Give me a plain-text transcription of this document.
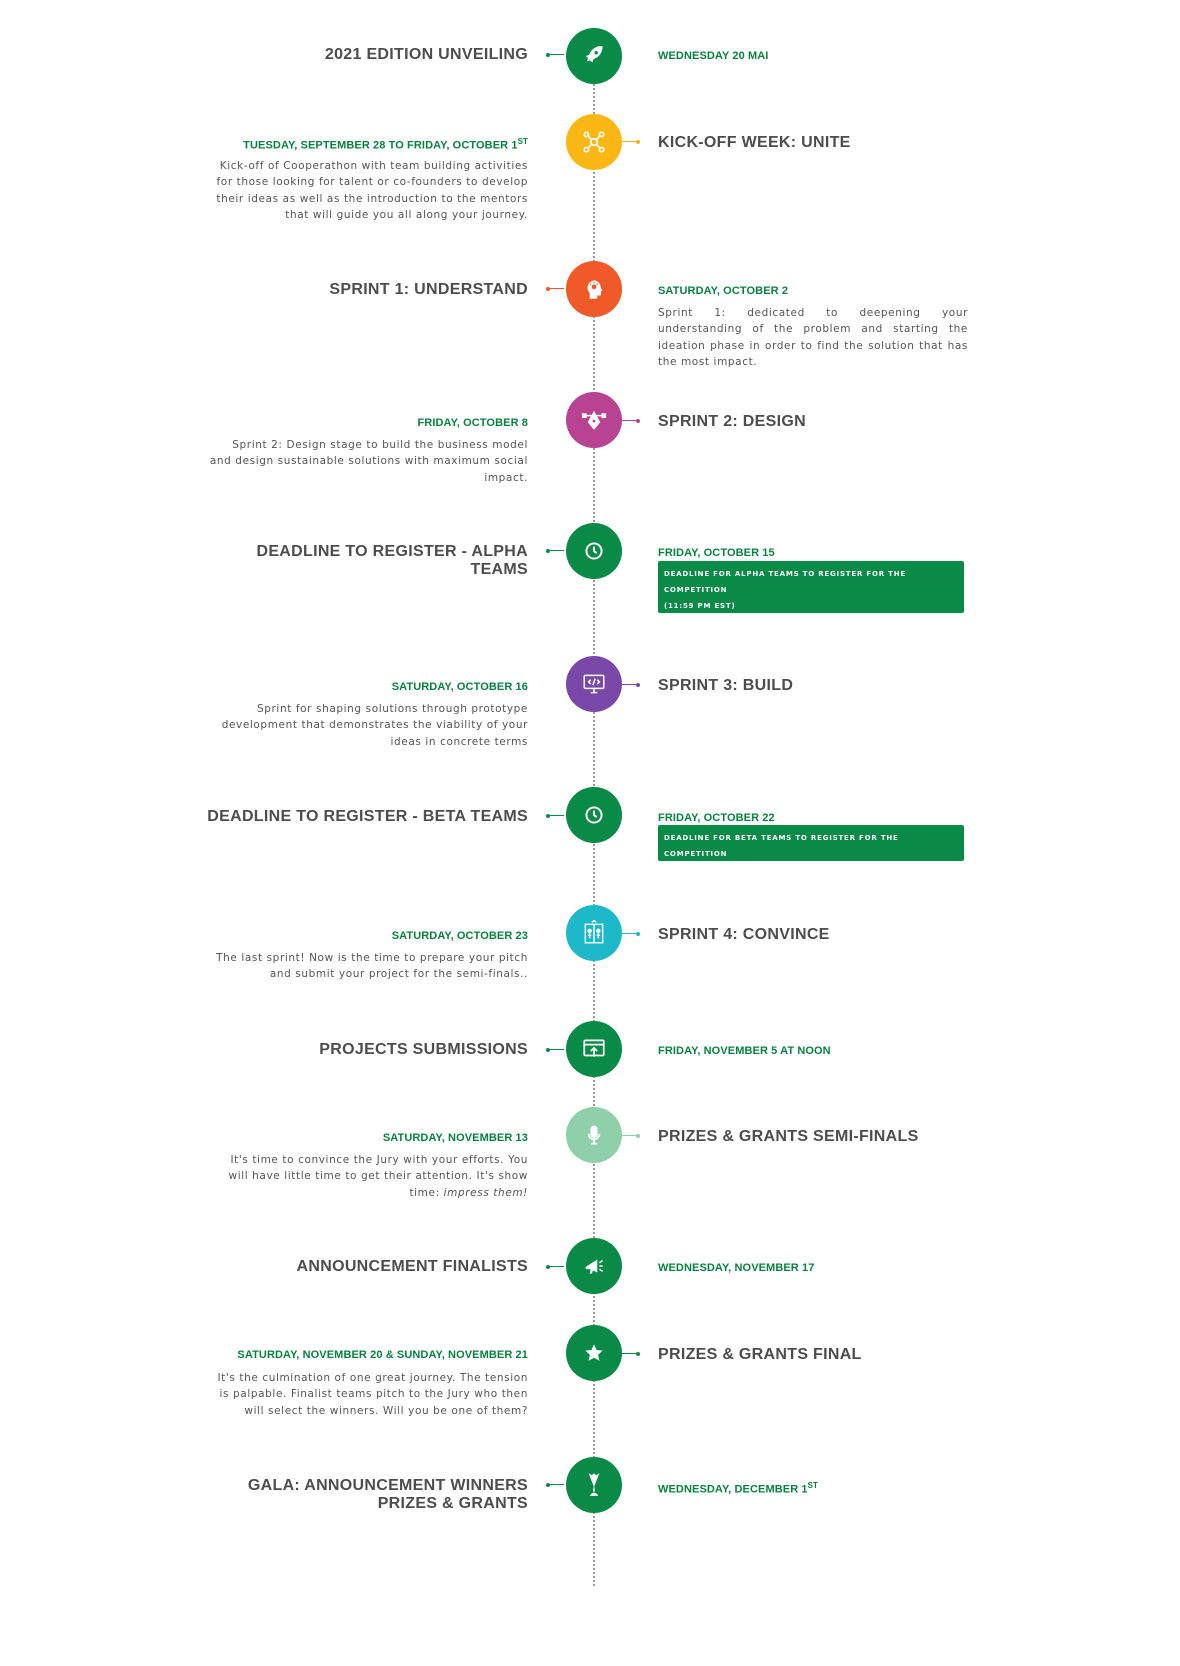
2021 EDITION UNVEILING	WEDNESDAY 20 MAI
KICK-OFF WEEK: UNITE
TUESDAY, SEPTEMBER 28 TO FRIDAY, OCTOBER 1ST
Kick-off of Cooperathon with team building activities for those looking for talent or co-founders to develop their ideas as well as the introduction to the mentors that will guide you all along your journey.
SPRINT 1: UNDERSTAND	SATURDAY, OCTOBER 2
Sprint 1: dedicated to deepening your understanding of the problem and starting the ideation phase in order to find the solution that has the most impact.
SPRINT 2: DESIGN
FRIDAY, OCTOBER 8
Sprint 2: Design stage to build the business model and design sustainable solutions with maximum social impact.
DEADLINE TO REGISTER - ALPHA
TEAMS
FRIDAY, OCTOBER 15
DEADLINE FOR ALPHA TEAMS TO REGISTER FOR THE
COMPETITION
(11:59 PM EST)
SPRINT 3: BUILD
SATURDAY, OCTOBER 16
Sprint for shaping solutions through prototype development that demonstrates the viability of your ideas in concrete terms
DEADLINE TO REGISTER - BETA TEAMS	FRIDAY, OCTOBER 22
DEADLINE FOR BETA TEAMS TO REGISTER FOR THE COMPETITION
(11:59 PM EST)
SPRINT 4: CONVINCE
SATURDAY, OCTOBER 23
The last sprint! Now is the time to prepare your pitch and submit your project for the semi-finals..
PROJECTS SUBMISSIONS	FRIDAY, NOVEMBER 5 AT NOON
PRIZES & GRANTS SEMI-FINALS
SATURDAY, NOVEMBER 13
It's time to convince the Jury with your efforts. You will have little time to get their attention. It's show time: impress them!
ANNOUNCEMENT FINALISTS	WEDNESDAY, NOVEMBER 17
PRIZES & GRANTS FINAL
SATURDAY, NOVEMBER 20 & SUNDAY, NOVEMBER 21
It's the culmination of one great journey. The tension is palpable. Finalist teams pitch to the Jury who then will select the winners. Will you be one of them?
GALA: ANNOUNCEMENT WINNERS
PRIZES & GRANTS
WEDNESDAY, DECEMBER 1ST
